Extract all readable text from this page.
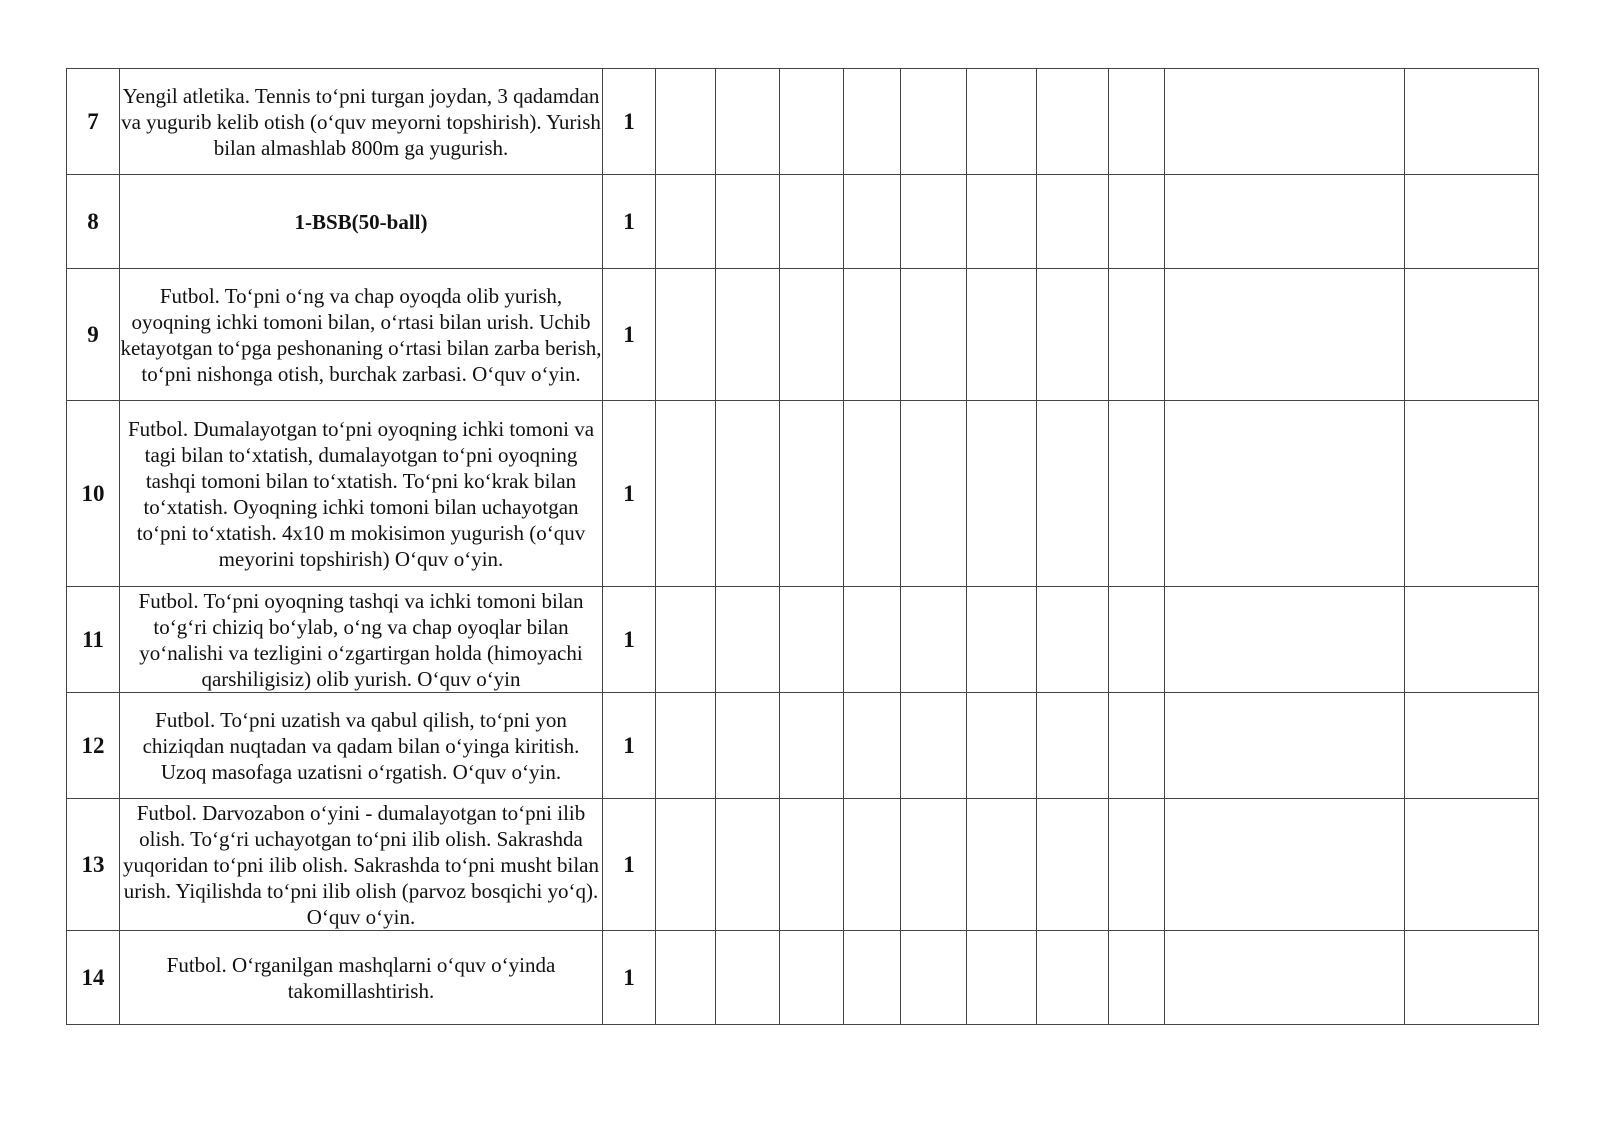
7	Yengil atletika. Tennis to‘pni turgan joydan, 3 qadamdan va yugurib kelib otish (o‘quv meyorni topshirish). Yurish bilan almashlab 800m ga yugurish.	1										
8	1-BSB(50-ball)	1										
9	Futbol. To‘pni o‘ng va chap oyoqda olib yurish, oyoqning ichki tomoni bilan, o‘rtasi bilan urish. Uchib ketayotgan to‘pga peshonaning o‘rtasi bilan zarba berish, to‘pni nishonga otish, burchak zarbasi. O‘quv o‘yin.	1										
10	Futbol. Dumalayotgan to‘pni oyoqning ichki tomoni va tagi bilan to‘xtatish, dumalayotgan to‘pni oyoqning tashqi tomoni bilan to‘xtatish. To‘pni ko‘krak bilan to‘xtatish. Oyoqning ichki tomoni bilan uchayotgan to‘pni to‘xtatish. 4x10 m mokisimon yugurish (o‘quv meyorini topshirish) O‘quv o‘yin.	1										
11	Futbol. To‘pni oyoqning tashqi va ichki tomoni bilan to‘g‘ri chiziq bo‘ylab, o‘ng va chap oyoqlar bilan yo‘nalishi va tezligini o‘zgartirgan holda (himoyachi qarshiligisiz) olib yurish. O‘quv o‘yin	1										
12	Futbol. To‘pni uzatish va qabul qilish, to‘pni yon chiziqdan nuqtadan va qadam bilan o‘yinga kiritish. Uzoq masofaga uzatisni o‘rgatish. O‘quv o‘yin.	1										
13	Futbol. Darvozabon o‘yini - dumalayotgan to‘pni ilib olish. To‘g‘ri uchayotgan to‘pni ilib olish. Sakrashda yuqoridan to‘pni ilib olish. Sakrashda to‘pni musht bilan urish. Yiqilishda to‘pni ilib olish (parvoz bosqichi yo‘q). O‘quv o‘yin.	1										
14	Futbol. O‘rganilgan mashqlarni o‘quv o‘yinda takomillashtirish.	1										
